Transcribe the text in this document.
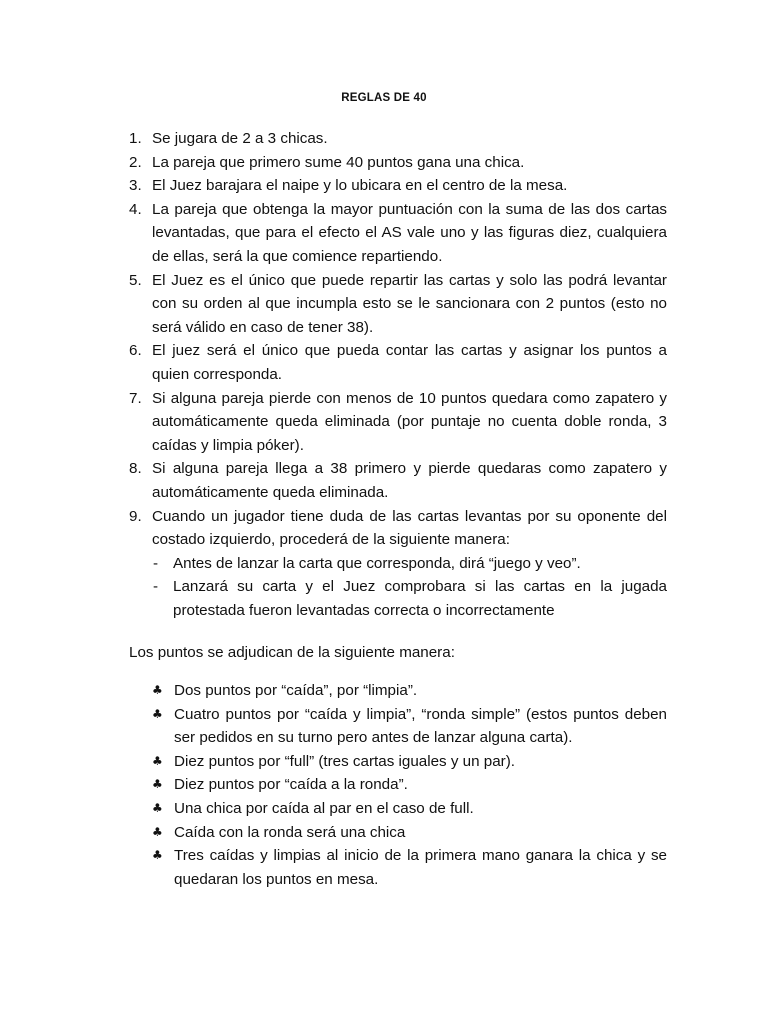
REGLAS DE 40
1. Se jugara de 2 a 3 chicas.
2. La pareja que primero sume 40 puntos gana una chica.
3. El Juez barajara el naipe y lo ubicara en el centro de la mesa.
4. La pareja que obtenga la mayor puntuación con la suma de las dos cartas levantadas, que para el efecto el AS vale uno y las figuras diez, cualquiera de ellas, será la que comience repartiendo.
5. El Juez es el único que puede repartir las cartas y solo las podrá levantar con su orden al que incumpla esto se le sancionara con 2 puntos (esto no será válido en caso de tener 38).
6. El juez será el único que pueda contar las cartas y asignar los puntos a quien corresponda.
7. Si alguna pareja pierde con menos de 10 puntos quedara como zapatero y automáticamente queda eliminada (por puntaje no cuenta doble ronda, 3 caídas y limpia póker).
8. Si alguna pareja llega a 38 primero y pierde quedaras como zapatero y automáticamente queda eliminada.
9. Cuando un jugador tiene duda de las cartas levantas por su oponente del costado izquierdo, procederá de la siguiente manera:
- Antes de lanzar la carta que corresponda, dirá “juego y veo”.
- Lanzará su carta y el Juez comprobara si las cartas en la jugada protestada fueron levantadas correcta o incorrectamente
Los puntos se adjudican de la siguiente manera:
♣ Dos puntos por “caída”, por “limpia”.
♣ Cuatro puntos por “caída y limpia”, “ronda simple” (estos puntos deben ser pedidos en su turno pero antes de lanzar alguna carta).
♣ Diez puntos por “full” (tres cartas iguales y un par).
♣ Diez puntos por “caída a la ronda”.
♣ Una chica por caída al par en el caso de full.
♣ Caída con la ronda será una chica
♣ Tres caídas y limpias al inicio de la primera mano ganara la chica y se quedaran los puntos en mesa.
